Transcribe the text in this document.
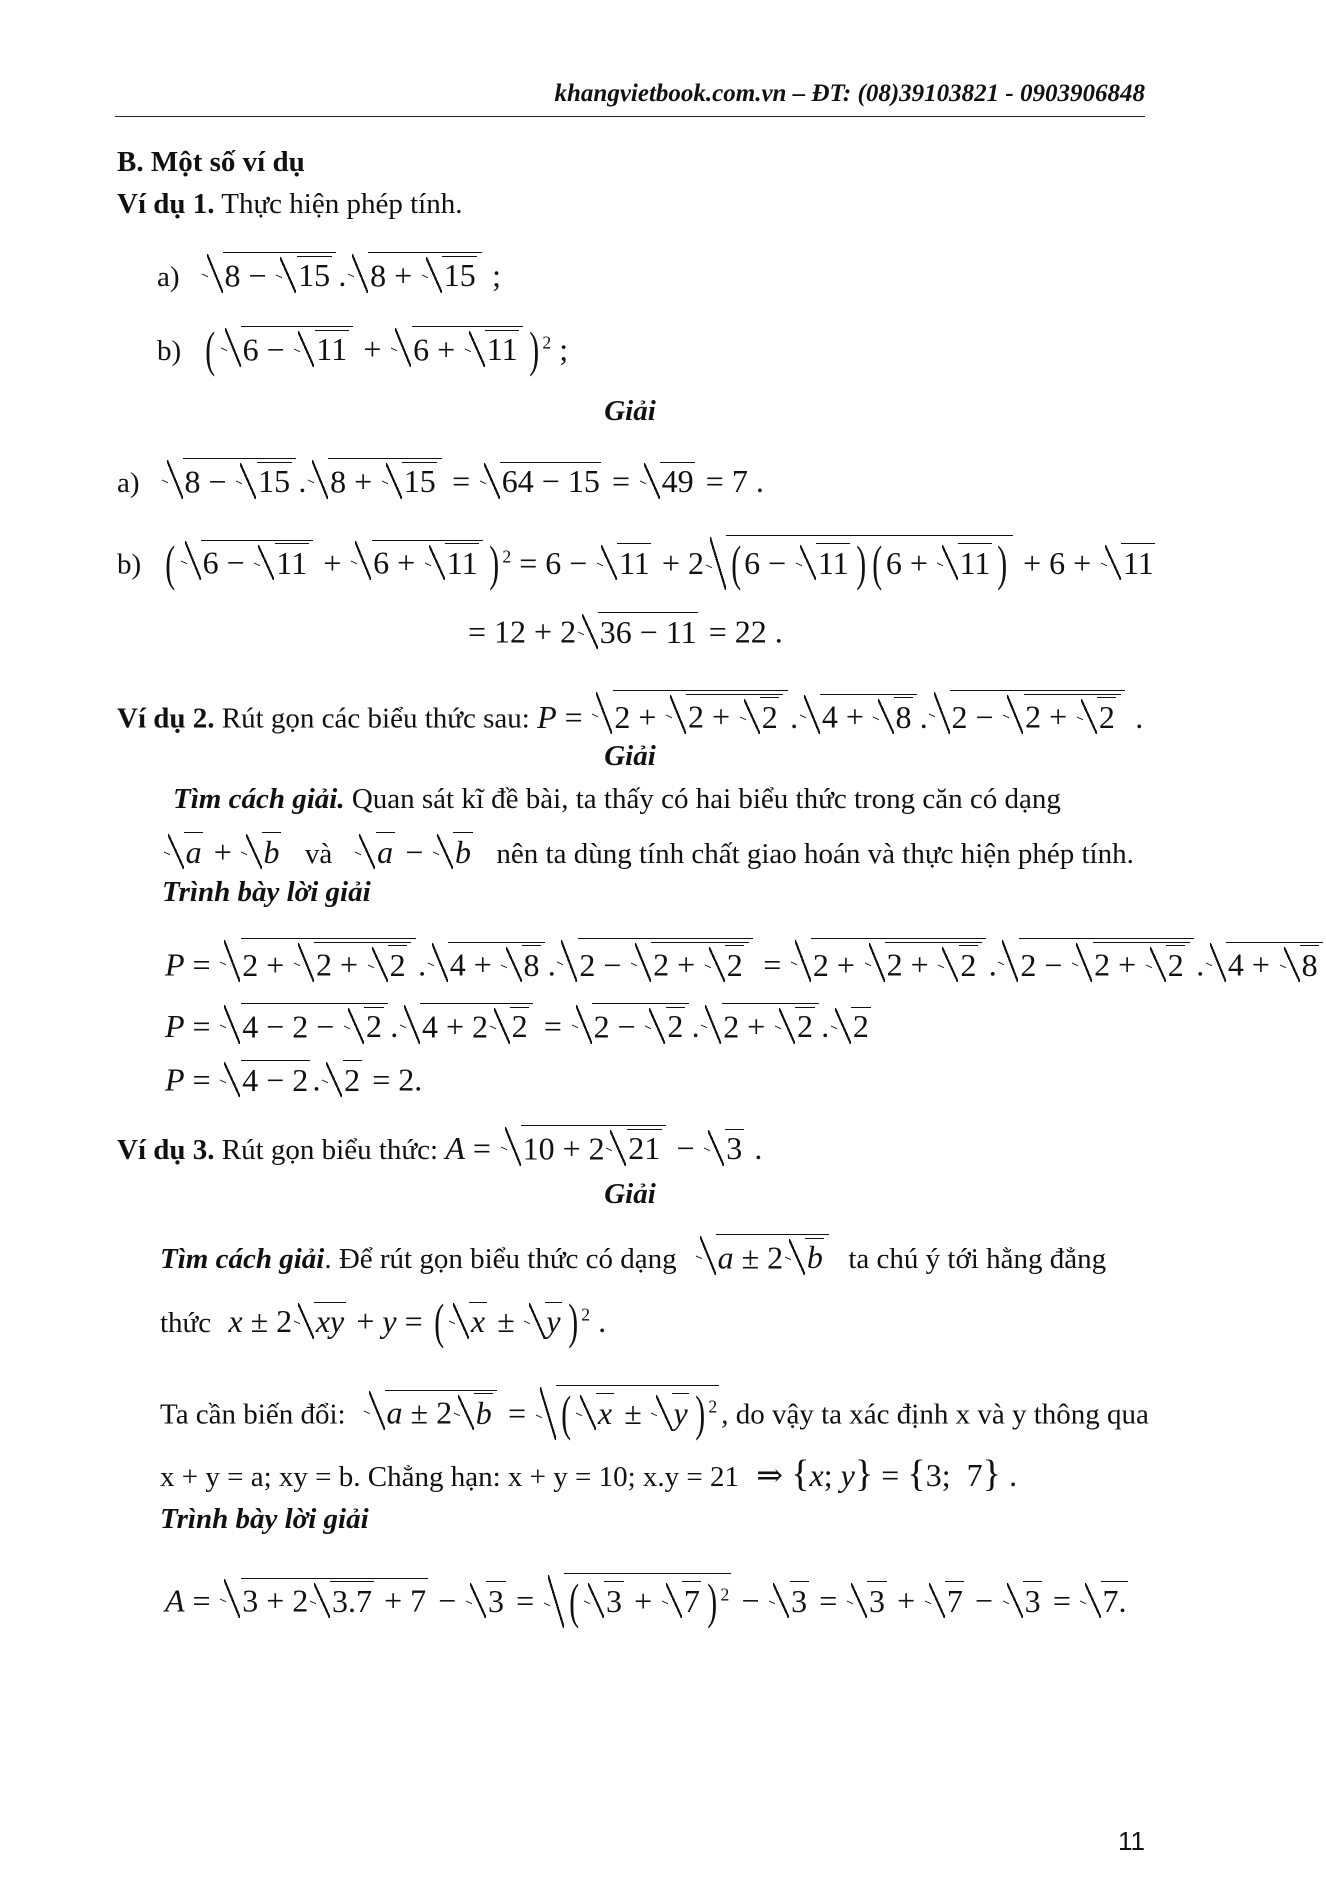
khangvietbook.com.vn – ĐT: (08)39103821 - 0903906848
B. Một số ví dụ
Ví dụ 1. Thực hiện phép tính.
a) 8 −
15 . 8 +
15 ;
b) ( 6 −
11 +
6 +
11 ) $^2$ ;
Giải
a) 8 −
15 . 8 +
15 =
64 − 15 =
49 = 7 .
b) ( 6 −
11 +
6 +
11 ) $^2$ = 6 −
11 + 2 ( 6 −
11 ) ( 6 +
11 ) + 6 +
11
= 12 + 2 36 − 11 = 22 .
Ví dụ 2. Rút gọn các biểu thức sau: P =
2 +
2 +
2 . 4 +
8 . 2 −
2 +
2 .
Giải
Tìm cách giải. Quan sát kĩ đề bài, ta thấy có hai biểu thức trong căn có dạng
a +
b và a −
b nên ta dùng tính chất giao hoán và thực hiện phép tính.
Trình bày lời giải
P =
2 +
2 +
2 . 4 +
8 . 2 −
2 +
2 =
2 +
2 +
2 . 2 −
2 +
2 . 4 +
8
P =
4 − 2 −
2 . 4 + 2 2 =
2 −
2 . 2 +
2 . 2
P =
4 − 2 . 2 = 2.
Ví dụ 3. Rút gọn biểu thức: A =
10 + 2 21 −
3 .
Giải
Tìm cách giải. Để rút gọn biểu thức có dạng a ± 2 b ta chú ý tới hằng đẳng
thức x ± 2 xy + y = ( x ±
y ) $^2$ .
Ta cần biến đổi: a ± 2 b =
( x ±
y ) $^2$ , do vậy ta xác định x và y thông qua
x + y = a; xy = b. Chẳng hạn: x + y = 10; x.y = 21 ⇒ {x; y} = {3;  7} .
Trình bày lời giải
A =
3 + 2 3.7 + 7 −
3 =
( 3 +
7 ) $^2$ −
3 =
3 +
7 −
3 =
7.
11
